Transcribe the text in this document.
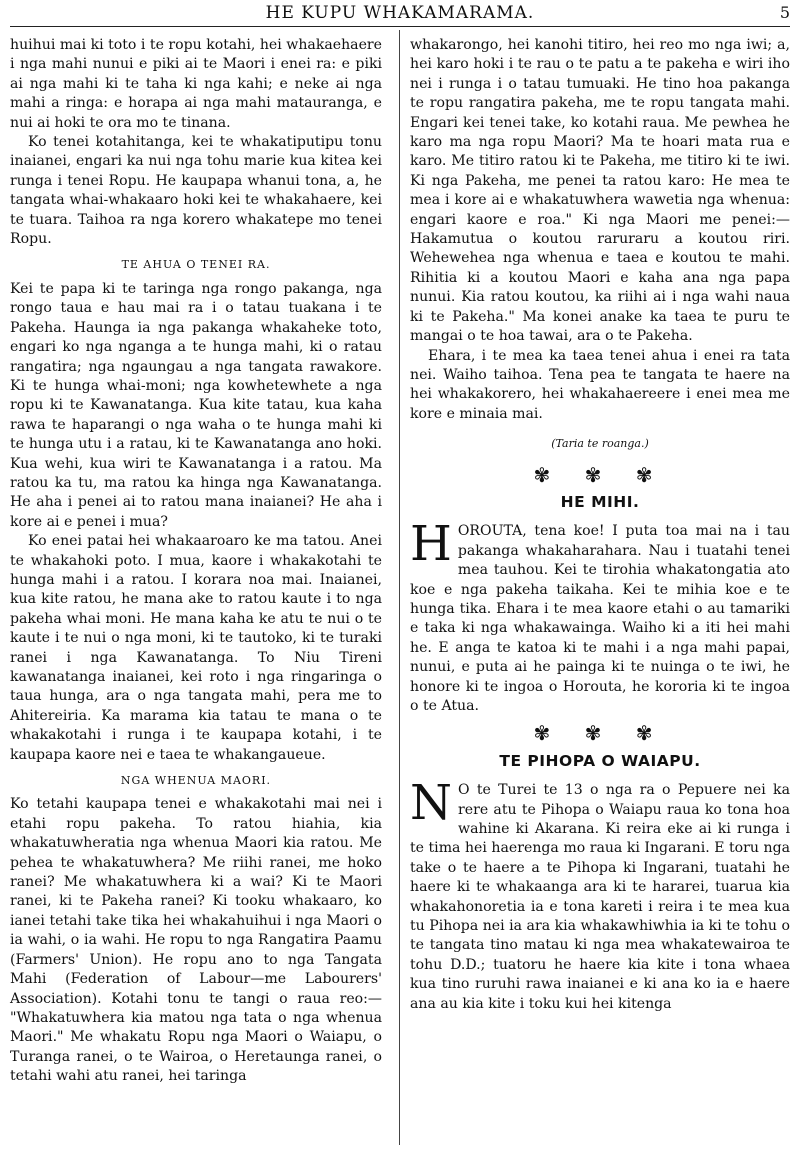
HE KUPU WHAKAMARAMA.	5

huihui mai ki toto i te ropu kotahi, hei whakaehaere i nga mahi nunui e piki ai te Maori i enei ra: e piki ai nga mahi ki te taha ki nga kahi; e neke ai nga mahi a ringa: e horapa ai nga mahi matauranga, e nui ai hoki te ora mo te tinana.

Ko tenei kotahitanga, kei te whakatiputipu tonu inaianei, engari ka nui nga tohu marie kua kitea kei runga i tenei Ropu. He kaupapa whanui tona, a, he tangata whai-whakaaro hoki kei te whakahaere, kei te tuara. Taihoa ra nga korero whakatepe mo tenei Ropu.

TE AHUA O TENEI RA.

Kei te papa ki te taringa nga rongo pakanga, nga rongo taua e hau mai ra i o tatau tuakana i te Pakeha. Haunga ia nga pakanga whakaheke toto, engari ko nga nganga a te hunga mahi, ki o ratau rangatira; nga ngaungau a nga tangata rawakore. Ki te hunga whai-moni; nga kowhetewhete a nga ropu ki te Kawanatanga. Kua kite tatau, kua kaha rawa te haparangi o nga waha o te hunga mahi ki te hunga utu i a ratau, ki te Kawanatanga ano hoki. Kua wehi, kua wiri te Kawanatanga i a ratou. Ma ratou ka tu, ma ratou ka hinga nga Kawanatanga. He aha i penei ai to ratou mana inaianei? He aha i kore ai e penei i mua?

Ko enei patai hei whakaaroaro ke ma tatou. Anei te whakahoki poto. I mua, kaore i whakakotahi te hunga mahi i a ratou. I korara noa mai. Inaianei, kua kite ratou, he mana ake to ratou kaute i to nga pakeha whai moni. He mana kaha ke atu te nui o te kaute i te nui o nga moni, ki te tautoko, ki te turaki ranei i nga Kawanatanga. To Niu Tireni kawanatanga inaianei, kei roto i nga ringaringa o taua hunga, ara o nga tangata mahi, pera me to Ahitereiria. Ka marama kia tatau te mana o te whakakotahi i runga i te kaupapa kotahi, i te kaupapa kaore nei e taea te whakangaueue.

NGA WHENUA MAORI.

Ko tetahi kaupapa tenei e whakakotahi mai nei i etahi ropu pakeha. To ratou hiahia, kia whakatuwheratia nga whenua Maori kia ratou. Me pehea te whakatuwhera? Me riihi ranei, me hoko ranei? Me whakatuwhera ki a wai? Ki te Maori ranei, ki te Pakeha ranei? Ki tooku whakaaro, ko ianei tetahi take tika hei whakahuihui i nga Maori o ia wahi, o ia wahi. He ropu to nga Rangatira Paamu (Farmers' Union). He ropu ano to nga Tangata Mahi (Federation of Labour—me Labourers' Association). Kotahi tonu te tangi o raua reo:— "Whakatuwhera kia matou nga tata o nga whenua Maori." Me whakatu Ropu nga Maori o Waiapu, o Turanga ranei, o te Wairoa, o Heretaunga ranei, o tetahi wahi atu ranei, hei taringa

whakarongo, hei kanohi titiro, hei reo mo nga iwi; a, hei karo hoki i te rau o te patu a te pakeha e wiri iho nei i runga i o tatau tumuaki. He tino hoa pakanga te ropu rangatira pakeha, me te ropu tangata mahi. Engari kei tenei take, ko kotahi raua. Me pewhea he karo ma nga ropu Maori? Ma te hoari mata rua e karo. Me titiro ratou ki te Pakeha, me titiro ki te iwi. Ki nga Pakeha, me penei ta ratou karo: He mea te mea i kore ai e whakatuwhera wawetia nga whenua: engari kaore e roa." Ki nga Maori me penei:—Hakamutua o koutou raruraru a koutou riri. Wehewehea nga whenua e taea e koutou te mahi. Rihitia ki a koutou Maori e kaha ana nga papa nunui. Kia ratou koutou, ka riihi ai i nga wahi naua ki te Pakeha." Ma konei anake ka taea te puru te mangai o te hoa tawai, ara o te Pakeha.

Ehara, i te mea ka taea tenei ahua i enei ra tata nei. Waiho taihoa. Tena pea te tangata te haere na hei whakakorero, hei whakahaereere i enei mea me kore e minaia mai.

(Taria te roanga.)
✾ ✾ ✾
HE MIHI.

HOROUTA, tena koe! I puta toa mai na i tau pakanga whakaharahara. Nau i tuatahi tenei mea tauhou. Kei te tirohia whakatongatia ato koe e nga pakeha taikaha. Kei te mihia koe e te hunga tika. Ehara i te mea kaore etahi o au tamariki e taka ki nga whakawainga. Waiho ki a iti hei mahi he. E anga te katoa ki te mahi i a nga mahi papai, nunui, e puta ai he painga ki te nuinga o te iwi, he honore ki te ingoa o Horouta, he kororia ki te ingoa o te Atua.

✾ ✾ ✾
TE PIHOPA O WAIAPU.

N O te Turei te 13 o nga ra o Pepuere nei ka rere atu te Pihopa o Waiapu raua ko tona hoa wahine ki Akarana. Ki reira eke ai ki runga i te tima hei haerenga mo raua ki Ingarani. E toru nga take o te haere a te Pihopa ki Ingarani, tuatahi he haere ki te whakaanga ara ki te hararei, tuarua kia whakahonoretia ia e tona kareti i reira i te mea kua tu Pihopa nei ia ara kia whakawhiwhia ia ki te tohu o te tangata tino matau ki nga mea whakatewairoa te tohu D.D.; tuatoru he haere kia kite i tona whaea kua tino ruruhi rawa inaianei e ki ana ko ia e haere ana au kia kite i toku kui hei kitenga
